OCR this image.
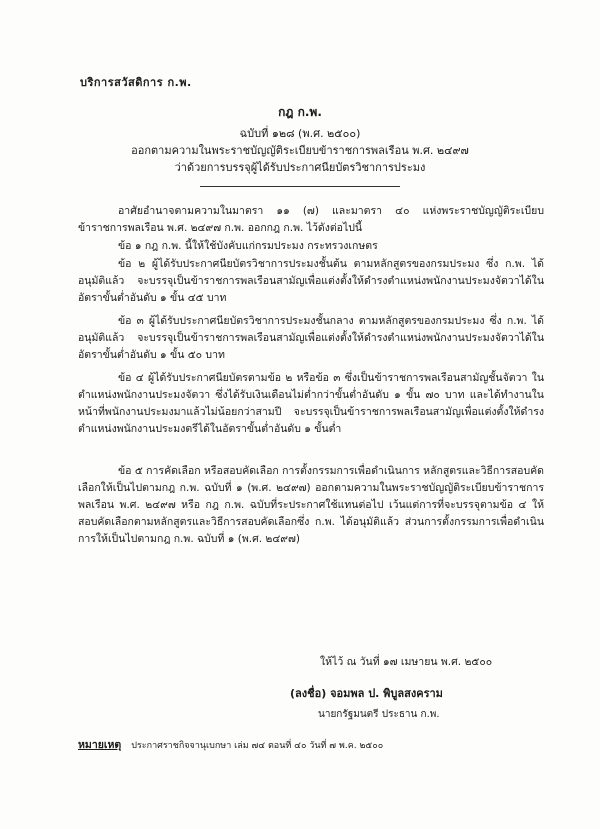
บริการสวัสดิการ ก.พ.
กฎ ก.พ.
ฉบับที่ ๑๒๘ (พ.ศ. ๒๕๐๐)
ออกตามความในพระราชบัญญัติระเบียบข้าราชการพลเรือน พ.ศ. ๒๔๙๗
ว่าด้วยการบรรจุผู้ได้รับประกาศนียบัตรวิชาการประมง
อาศัยอำนาจตามความในมาตรา ๑๑ (๗) และมาตรา ๔๐ แห่งพระราชบัญญัติระเบียบข้าราชการพลเรือน พ.ศ. ๒๔๙๗ ก.พ. ออกกฎ ก.พ. ไว้ดังต่อไปนี้
ข้อ ๑ กฎ ก.พ. นี้ให้ใช้บังคับแก่กรมประมง กระทรวงเกษตร
ข้อ ๒ ผู้ได้รับประกาศนียบัตรวิชาการประมงชั้นต้น ตามหลักสูตรของกรมประมง ซึ่ง ก.พ. ได้อนุมัติแล้ว จะบรรจุเป็นข้าราชการพลเรือนสามัญเพื่อแต่งตั้งให้ดำรงตำแหน่งพนักงานประมงจัตวาได้ในอัตราขั้นต่ำอันดับ ๑ ขั้น ๔๕ บาท
ข้อ ๓ ผู้ได้รับประกาศนียบัตรวิชาการประมงชั้นกลาง ตามหลักสูตรของกรมประมง ซึ่ง ก.พ. ได้อนุมัติแล้ว จะบรรจุเป็นข้าราชการพลเรือนสามัญเพื่อแต่งตั้งให้ดำรงตำแหน่งพนักงานประมงจัตวาได้ในอัตราขั้นต่ำอันดับ ๑ ขั้น ๕๐ บาท
ข้อ ๔ ผู้ได้รับประกาศนียบัตรตามข้อ ๒ หรือข้อ ๓ ซึ่งเป็นข้าราชการพลเรือนสามัญชั้นจัตวา ในตำแหน่งพนักงานประมงจัตวา ซึ่งได้รับเงินเดือนไม่ต่ำกว่าขั้นต่ำอันดับ ๑ ขั้น ๗๐ บาท และได้ทำงานในหน้าที่พนักงานประมงมาแล้วไม่น้อยกว่าสามปี จะบรรจุเป็นข้าราชการพลเรือนสามัญเพื่อแต่งตั้งให้ดำรงตำแหน่งพนักงานประมงตรีได้ในอัตราขั้นต่ำอันดับ ๑ ขั้นต่ำ
ข้อ ๕ การคัดเลือก หรือสอบคัดเลือก การตั้งกรรมการเพื่อดำเนินการ หลักสูตรและวิธีการสอบคัดเลือกให้เป็นไปตามกฎ ก.พ. ฉบับที่ ๑ (พ.ศ. ๒๔๙๗) ออกตามความในพระราชบัญญัติระเบียบข้าราชการพลเรือน พ.ศ. ๒๔๙๗ หรือ กฎ ก.พ. ฉบับที่ระประกาศใช้แทนต่อไป เว้นแต่การที่จะบรรจุตามข้อ ๔ ให้สอบคัดเลือกตามหลักสูตรและวิธีการสอบคัดเลือกซึ่ง ก.พ. ได้อนุมัติแล้ว ส่วนการตั้งกรรมการเพื่อดำเนินการให้เป็นไปตามกฎ ก.พ. ฉบับที่ ๑ (พ.ศ. ๒๔๙๗)
ให้ไว้ ณ วันที่ ๑๗ เมษายน พ.ศ. ๒๕๐๐
(ลงชื่อ) จอมพล ป. พิบูลสงคราม
นายกรัฐมนตรี ประธาน ก.พ.
หมายเหตุ ประกาศราชกิจจานุเบกษา เล่ม ๗๔ ตอนที่ ๔๐ วันที่ ๗ พ.ค. ๒๕๐๐
